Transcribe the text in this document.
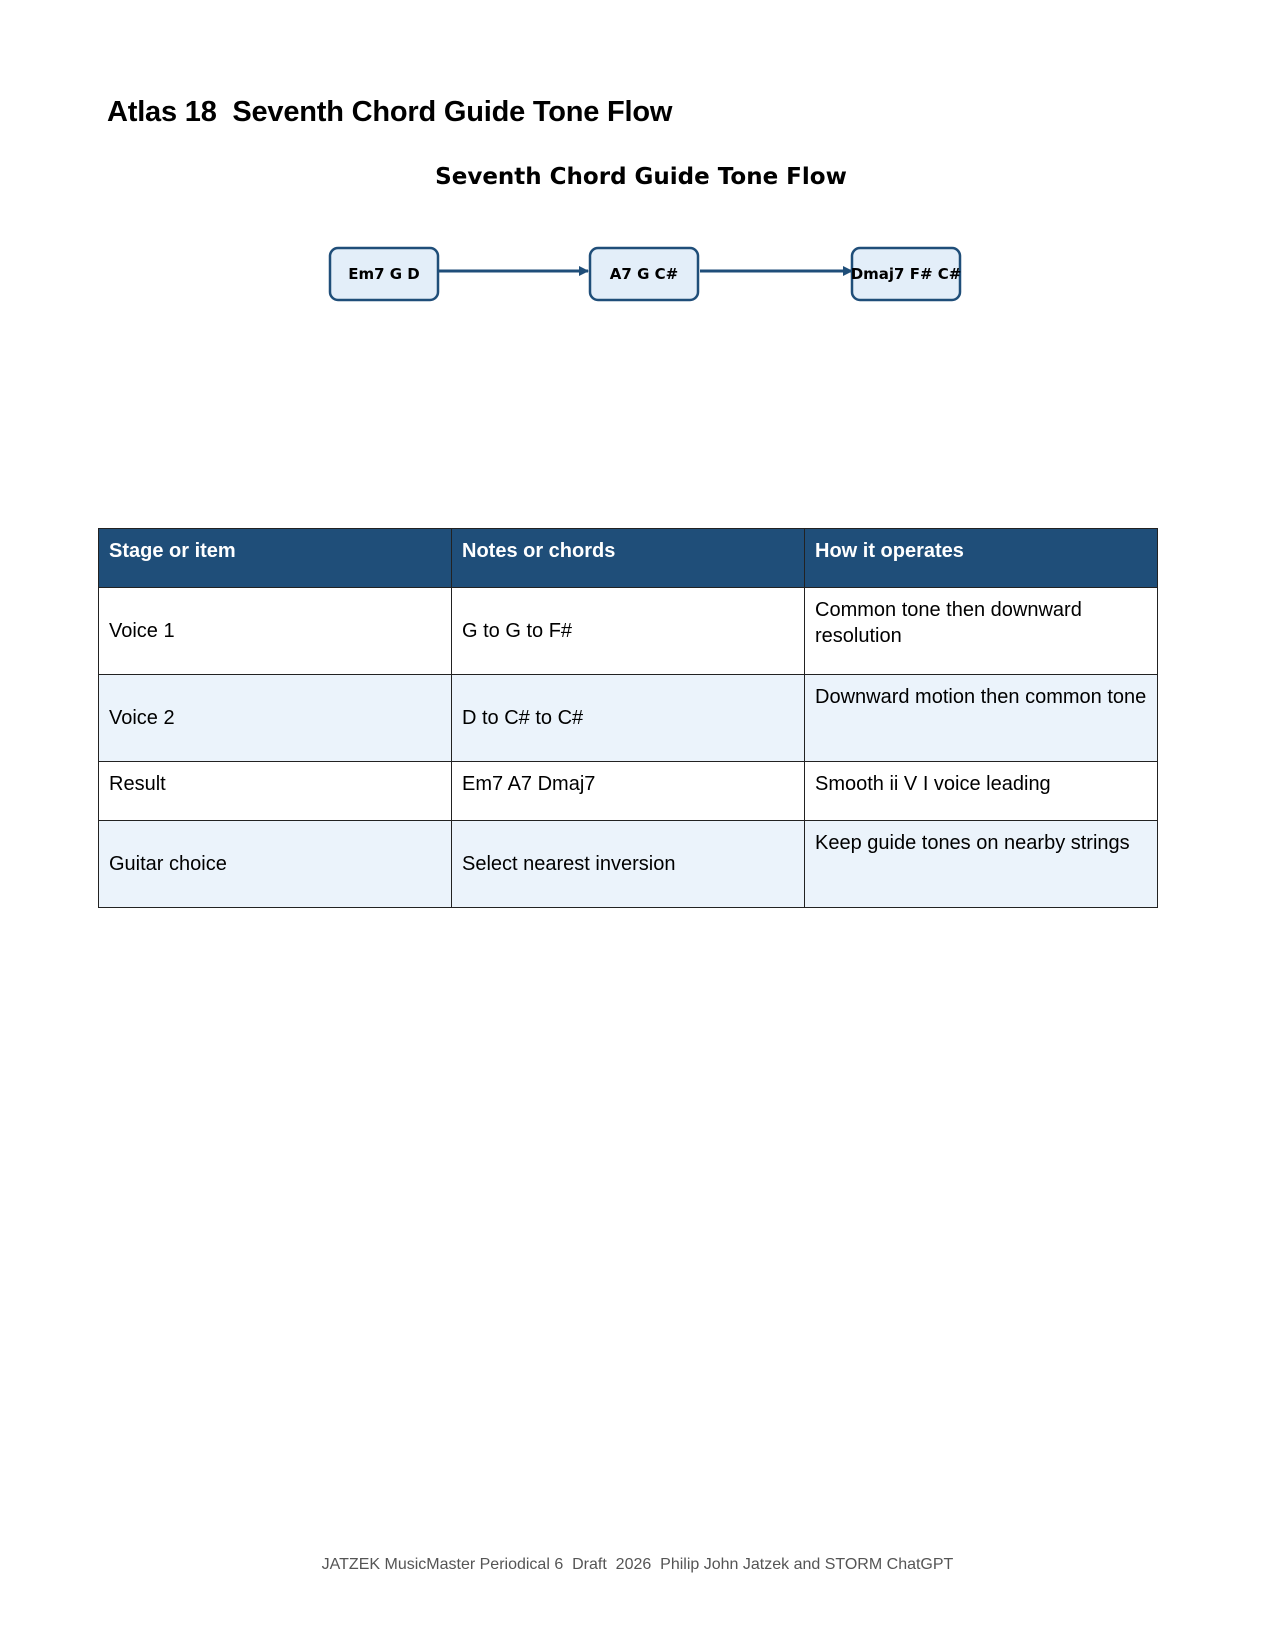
Atlas 18  Seventh Chord Guide Tone Flow
Seventh Chord Guide Tone Flow
Em7 G D	A7 G C#	Dmaj7 F# C#
Stage or item	Notes or chords	How it operates
Voice 1	G to G to F#	Common tone then downward resolution
Voice 2	D to C# to C#	Downward motion then common tone
Result	Em7 A7 Dmaj7	Smooth ii V I voice leading
Guitar choice	Select nearest inversion	Keep guide tones on nearby strings
JATZEK MusicMaster Periodical 6  Draft  2026  Philip John Jatzek and STORM ChatGPT
